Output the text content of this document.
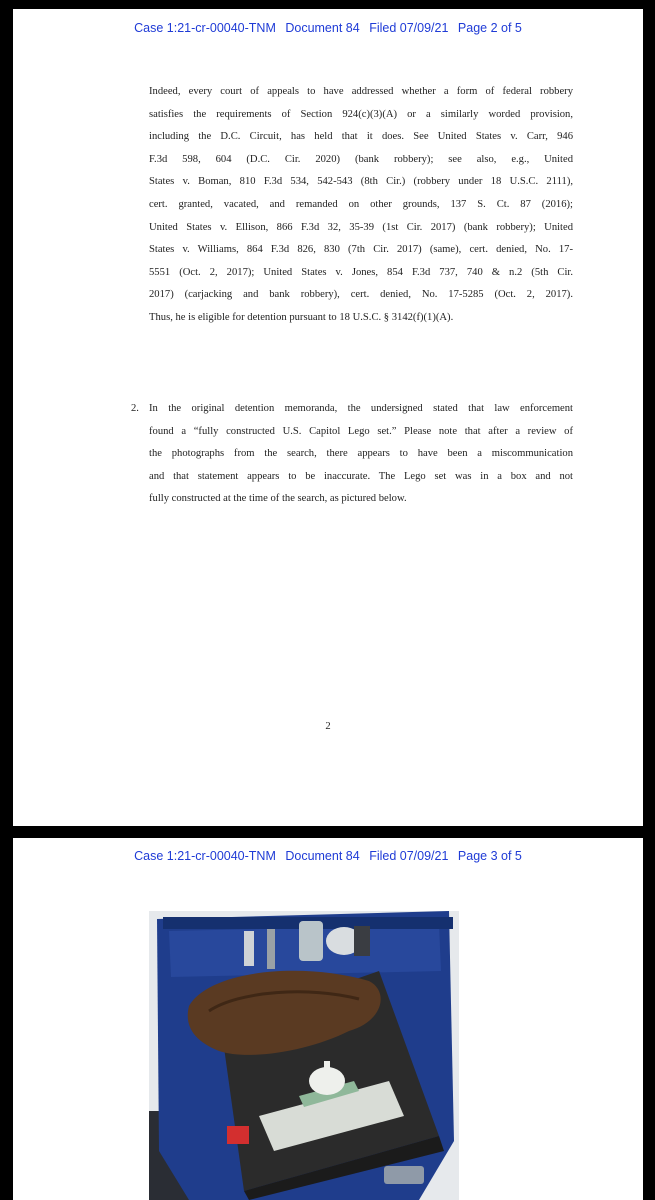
Case 1:21-cr-00040-TNM Document 84 Filed 07/09/21 Page 2 of 5
Indeed, every court of appeals to have addressed whether a form of federal robbery
satisfies the requirements of Section 924(c)(3)(A) or a similarly worded provision,
including the D.C. Circuit, has held that it does. See United States v. Carr, 946
F.3d 598, 604 (D.C. Cir. 2020) (bank robbery); see also, e.g., United
States v. Boman, 810 F.3d 534, 542-543 (8th Cir.) (robbery under 18 U.S.C. 2111),
cert. granted, vacated, and remanded on other grounds, 137 S. Ct. 87 (2016);
United States v. Ellison, 866 F.3d 32, 35-39 (1st Cir. 2017) (bank robbery); United
States v. Williams, 864 F.3d 826, 830 (7th Cir. 2017) (same), cert. denied, No. 17-
5551 (Oct. 2, 2017); United States v. Jones, 854 F.3d 737, 740 & n.2 (5th Cir.
2017) (carjacking and bank robbery), cert. denied, No. 17-5285 (Oct. 2, 2017).
Thus, he is eligible for detention pursuant to 18 U.S.C. § 3142(f)(1)(A).
2. In the original detention memoranda, the undersigned stated that law enforcement
found a “fully constructed U.S. Capitol Lego set.” Please note that after a review of
the photographs from the search, there appears to have been a miscommunication
and that statement appears to be inaccurate. The Lego set was in a box and not
fully constructed at the time of the search, as pictured below.
2
Case 1:21-cr-00040-TNM Document 84 Filed 07/09/21 Page 3 of 5
